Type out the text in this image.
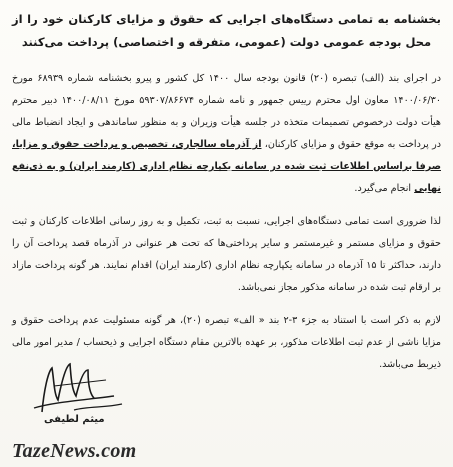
بخشنامه به تمامی دستگاه‌های اجرایی که حقوق و مزایای کارکنان خود را از محل بودجه عمومی دولت (عمومی، متفرقه و اختصاصی) پرداخت می‌کنند
در اجرای بند (الف) تبصره (۲۰) قانون بودجه سال ۱۴۰۰ کل کشور و پیرو بخشنامه شماره ۶۸۹۳۹ مورخ ۱۴۰۰/۰۶/۳۰ معاون اول محترم رییس جمهور و نامه شماره ۵۹۳۰۷/۸۶۶۷۴ مورخ ۱۴۰۰/۰۸/۱۱ دبیر محترم هیأت دولت درخصوص تصمیمات متخذه در جلسه هیأت وزیران و به منظور ساماندهی و ایجاد انضباط مالی در پرداخت به موقع حقوق و مزایای کارکنان، از آذرماه سالجاری، تخصیص و پرداخت حقوق و مزایا، صرفا براساس اطلاعات ثبت شده در سامانه یکپارچه نظام اداری (کارمند ایران) و به ذی‌نفع نهایی انجام می‌گیرد.
لذا ضروری است تمامی دستگاه‌های اجرایی، نسبت به ثبت، تکمیل و به روز رسانی اطلاعات کارکنان و ثبت حقوق و مزایای مستمر و غیرمستمر و سایر پرداختی‌ها که تحت هر عنوانی در آذرماه قصد پرداخت آن را دارند، حداکثر تا ۱۵ آذرماه در سامانه یکپارچه نظام اداری (کارمند ایران) اقدام نمایند. هر گونه پرداخت مازاد بر ارقام ثبت شده در سامانه مذکور مجاز نمی‌باشد.
لازم به ذکر است با استناد به جزء ۳-۲ بند « الف» تبصره (۲۰)، هر گونه مسئولیت عدم پرداخت حقوق و مزایا ناشی از عدم ثبت اطلاعات مذکور، بر عهده بالاترین مقام دستگاه اجرایی و ذیحساب / مدیر امور مالی ذیربط می‌باشد.
میثم لطیفی
TazeNews.com
